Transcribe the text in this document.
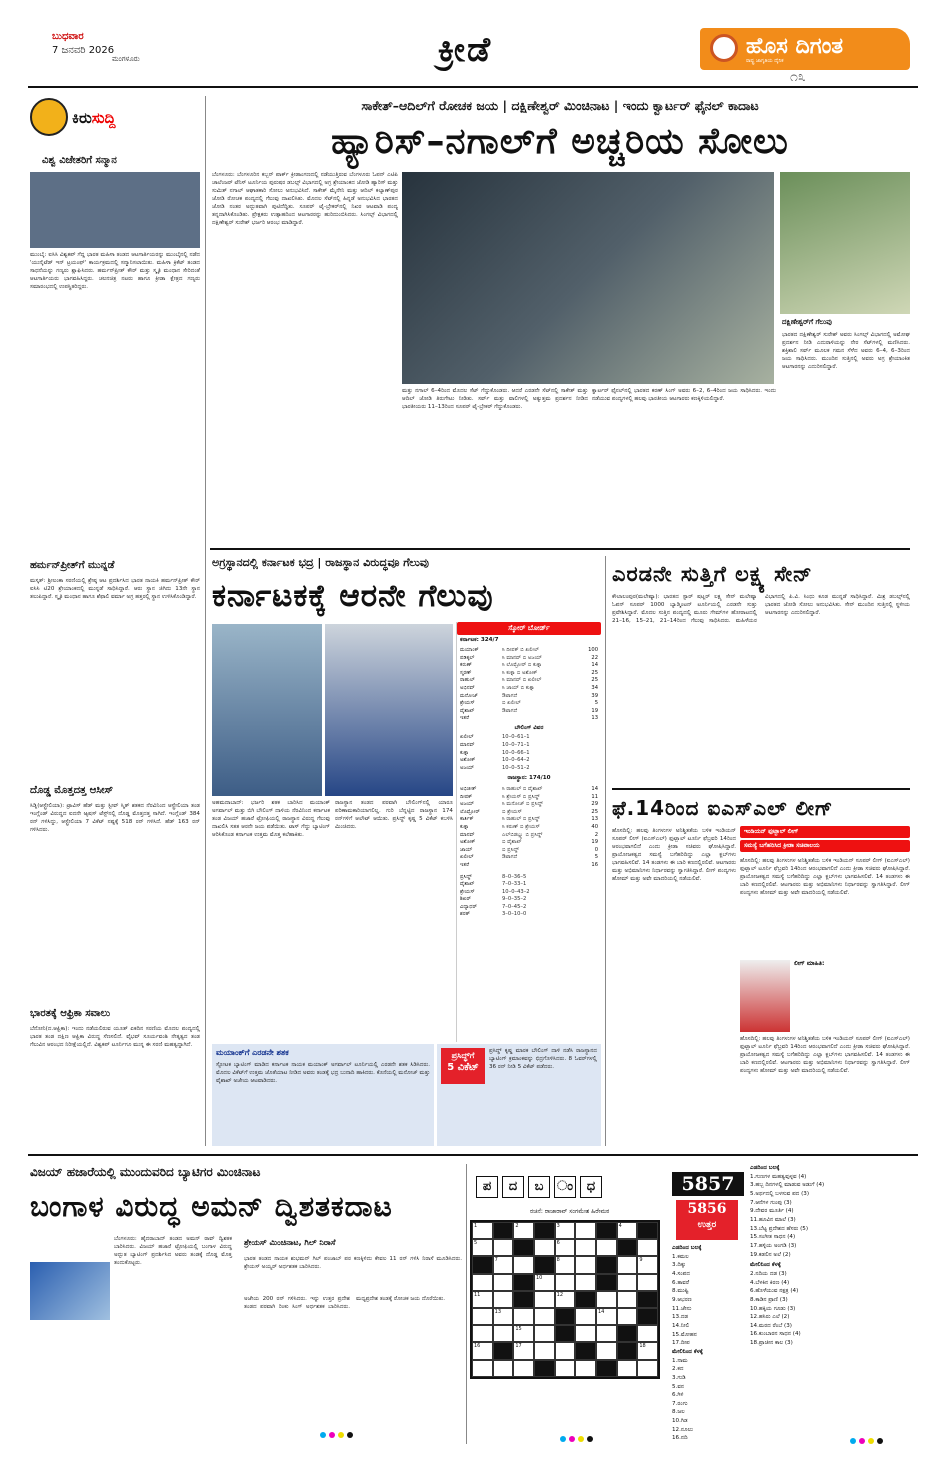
ಬುಧವಾರ
7 ಜನವರಿ 2026
ಮಂಗಳೂರು	ಕ್ರೀಡೆ	ಹೊಸ ದಿಗಂತ
ರಾಷ್ಟ್ರ ಜಾಗೃತಿಯ ದೈನಿಕ
೧೩
ಕಿರುಸುದ್ದಿ
ವಿಶ್ವ ವಿಜೇತರಿಗೆ ಸನ್ಮಾನ
ಮುಂಬೈ: ಐಸಿಸಿ ವಿಶ್ವಕಪ್ ಗೆದ್ದ ಭಾರತ ಮಹಿಳಾ ತಂಡದ ಆಟಗಾರ್ತಿಯರನ್ನು ಮುಂಬೈನಲ್ಲಿ ನಡೆದ 'ಯುನೈಟೆಡ್ ಇನ್ ಟ್ರಯಂಫ್' ಕಾರ್ಯಕ್ರಮದಲ್ಲಿ ಸನ್ಮಾನಿಸಲಾಯಿತು. ಮಹಿಳಾ ಕ್ರಿಕೆಟ್ ತಂಡದ ಸಾಧನೆಯನ್ನು ಗಣ್ಯರು ಶ್ಲಾಘಿಸಿದರು. ಹರ್ಮನ್‌ಪ್ರೀತ್ ಕೌರ್ ಮತ್ತು ಸ್ಮೃತಿ ಮಂಧಾನ ಸೇರಿದಂತೆ ಆಟಗಾರ್ತಿಯರು ಭಾಗವಹಿಸಿದ್ದರು. ಚಲನಚಿತ್ರ ನಟರು ಹಾಗೂ ಕ್ರೀಡಾ ಕ್ಷೇತ್ರದ ಗಣ್ಯರು ಸಮಾರಂಭದಲ್ಲಿ ಉಪಸ್ಥಿತರಿದ್ದರು.
ಹರ್ಮನ್‌ಪ್ರೀತ್‌ಗೆ ಮುನ್ನಡೆ
ಮಸ್ಕತ್: ಶ್ರೀಲಂಕಾ ಸರಣಿಯಲ್ಲಿ ಶ್ರೇಷ್ಠ ಆಟ ಪ್ರದರ್ಶಿಸಿದ ಭಾರತ ನಾಯಕಿ ಹರ್ಮನ್‌ಪ್ರೀತ್ ಕೌರ್ ಐಸಿಸಿ ಟಿ20 ಶ್ರೇಯಾಂಕದಲ್ಲಿ ಮುನ್ನಡೆ ಸಾಧಿಸಿದ್ದಾರೆ. ಆರು ಸ್ಥಾನ ಜಿಗಿದು 13ನೇ ಸ್ಥಾನ ತಲುಪಿದ್ದಾರೆ. ಸ್ಮೃತಿ ಮಂಧಾನ ಹಾಗೂ ಶೆಫಾಲಿ ವರ್ಮಾ ಅಗ್ರ ಹತ್ತರಲ್ಲಿ ಸ್ಥಾನ ಉಳಿಸಿಕೊಂಡಿದ್ದಾರೆ.
ದೊಡ್ಡ ಮೊತ್ತದತ್ತ ಆಸೀಸ್
ಸಿಡ್ನಿ(ಆಸ್ಟ್ರೇಲಿಯಾ): ಟ್ರಾವಿಸ್ ಹೆಡ್ ಮತ್ತು ಸ್ಟೀವ್ ಸ್ಮಿತ್ ಶತಕದ ನೆರವಿನಿಂದ ಆಸ್ಟ್ರೇಲಿಯಾ ತಂಡ ಇಂಗ್ಲೆಂಡ್ ವಿರುದ್ಧದ ಐದನೇ ಆ್ಯಷಸ್ ಟೆಸ್ಟ್‌ನಲ್ಲಿ ದೊಡ್ಡ ಮೊತ್ತದತ್ತ ಸಾಗಿದೆ. ಇಂಗ್ಲೆಂಡ್ 384 ರನ್ ಗಳಿಸಿದ್ದು, ಆಸ್ಟ್ರೇಲಿಯಾ 7 ವಿಕೆಟ್ ನಷ್ಟಕ್ಕೆ 518 ರನ್ ಗಳಿಸಿದೆ. ಹೆಡ್ 163 ರನ್ ಗಳಿಸಿದರು.
ಭಾರತಕ್ಕೆ ಆಫ್ರಿಕಾ ಸವಾಲು
ಬೆನೋನಿ(ದ.ಆಫ್ರಿಕಾ): ಇಂದು ನಡೆಯಲಿರುವ ಯೂತ್ ಏಕದಿನ ಸರಣಿಯ ಮೊದಲ ಪಂದ್ಯದಲ್ಲಿ ಭಾರತ ತಂಡ ದಕ್ಷಿಣ ಆಫ್ರಿಕಾ ವಿರುದ್ಧ ಸೆಣಸಲಿದೆ. ವೈಭವ್ ಸೂರ್ಯವಂಶಿ ನೇತೃತ್ವದ ತಂಡ ಗೆಲುವಿನ ಆರಂಭದ ನಿರೀಕ್ಷೆಯಲ್ಲಿದೆ. ವಿಶ್ವಕಪ್ ಟೂರ್ನಿಗೂ ಮುನ್ನ ಈ ಸರಣಿ ಮಹತ್ವದ್ದಾಗಿದೆ.
ಸಾಕೇತ್–ಆದಿಲ್‌ಗೆ ರೋಚಕ ಜಯ | ದಕ್ಷಿಣೇಶ್ವರ್ ಮಿಂಚಿನಾಟ | ಇಂದು ಕ್ವಾರ್ಟರ್ ಫೈನಲ್ ಕಾದಾಟ
ಹ್ಯಾರಿಸ್–ನಗಾಲ್‌ಗೆ ಅಚ್ಚರಿಯ ಸೋಲು
ಬೆಂಗಳೂರು: ಬೆಂಗಳೂರಿನ ಕಬ್ಬನ್ ಪಾರ್ಕ್ ಕ್ರೀಡಾಂಗಣದಲ್ಲಿ ನಡೆಯುತ್ತಿರುವ ಬೆಂಗಳೂರು ಓಪನ್ ಎಟಿಪಿ ಚಾಲೆಂಜರ್ ಟೆನಿಸ್ ಟೂರ್ನಿಯ ಪುರುಷರ ಡಬಲ್ಸ್ ವಿಭಾಗದಲ್ಲಿ ಅಗ್ರ ಶ್ರೇಯಾಂಕದ ಜೋಡಿ ಹ್ಯಾರಿಸ್ ಮತ್ತು ಸುಮಿತ್ ನಗಾಲ್ ಆಘಾತಕಾರಿ ಸೋಲು ಅನುಭವಿಸಿದೆ. ಸಾಕೇತ್ ಮೈನೇನಿ ಮತ್ತು ಆದಿಲ್ ಕಲ್ಯಾಣ್‌ಪುರ ಜೋಡಿ ರೋಚಕ ಪಂದ್ಯದಲ್ಲಿ ಗೆಲುವು ದಾಖಲಿಸಿತು. ಮೊದಲ ಸೆಟ್‌ನಲ್ಲಿ ಹಿನ್ನಡೆ ಅನುಭವಿಸಿದ ಭಾರತದ ಜೋಡಿ ನಂತರ ಅದ್ಭುತವಾಗಿ ಪುಟಿದೆದ್ದಿತು. ಸೂಪರ್ ಟೈ-ಬ್ರೇಕರ್‌ನಲ್ಲಿ ನಿಖರ ಆಟವಾಡಿ ಪಂದ್ಯ ತನ್ನದಾಗಿಸಿಕೊಂಡಿತು. ಪ್ರೇಕ್ಷಕರು ಉತ್ಸಾಹದಿಂದ ಆಟಗಾರರನ್ನು ಹುರಿದುಂಬಿಸಿದರು. ಸಿಂಗಲ್ಸ್ ವಿಭಾಗದಲ್ಲಿ ದಕ್ಷಿಣೇಶ್ವರ್ ಸುರೇಶ್ ಭರ್ಜರಿ ಆರಂಭ ಮಾಡಿದ್ದಾರೆ.
ದಕ್ಷಿಣೇಶ್ವರ್‌ಗೆ ಗೆಲುವು
ಭಾರತದ ದಕ್ಷಿಣೇಶ್ವರ್ ಸುರೇಶ್ ಅವರು ಸಿಂಗಲ್ಸ್ ವಿಭಾಗದಲ್ಲಿ ಅಮೋಘ ಪ್ರದರ್ಶನ ನೀಡಿ ಎದುರಾಳಿಯನ್ನು ನೇರ ಸೆಟ್‌ಗಳಲ್ಲಿ ಮಣಿಸಿದರು. ಶಕ್ತಿಶಾಲಿ ಸರ್ವ್ ಮೂಲಕ ಗಮನ ಸೆಳೆದ ಅವರು 6–4, 6–3ರಿಂದ ಜಯ ಸಾಧಿಸಿದರು. ಮುಂದಿನ ಸುತ್ತಿನಲ್ಲಿ ಅವರು ಅಗ್ರ ಶ್ರೇಯಾಂಕಿತ ಆಟಗಾರನನ್ನು ಎದುರಿಸಲಿದ್ದಾರೆ.
ಮತ್ತು ನಗಾಲ್ 6–4ರಿಂದ ಮೊದಲ ಸೆಟ್ ಗೆದ್ದುಕೊಂಡರು. ಆದರೆ ಎರಡನೇ ಸೆಟ್‌ನಲ್ಲಿ ಸಾಕೇತ್ ಮತ್ತು ಆದಿಲ್ ಜೋಡಿ ತಿರುಗೇಟು ನೀಡಿತು. ಸರ್ವ್ ಮತ್ತು ವಾಲಿಗಳಲ್ಲಿ ಅತ್ಯುತ್ತಮ ಪ್ರದರ್ಶನ ನೀಡಿದ ಭಾರತೀಯರು 11–13ರಿಂದ ಸೂಪರ್ ಟೈ-ಬ್ರೇಕರ್ ಗೆದ್ದುಕೊಂಡರು.
ಕ್ವಾರ್ಟರ್ ಫೈನಲ್‌ನಲ್ಲಿ ಭಾರತದ ಕರಣ್ ಸಿಂಗ್ ಅವರು 6–2, 6–4ರಿಂದ ಜಯ ಸಾಧಿಸಿದರು. ಇಂದು ನಡೆಯುವ ಪಂದ್ಯಗಳಲ್ಲಿ ಹಲವು ಭಾರತೀಯ ಆಟಗಾರರು ಕಣಕ್ಕಿಳಿಯಲಿದ್ದಾರೆ.
ಅಗ್ರಸ್ಥಾನದಲ್ಲಿ ಕರ್ನಾಟಕ ಭದ್ರ | ರಾಜಸ್ಥಾನ ವಿರುದ್ಧವೂ ಗೆಲುವು
ಕರ್ನಾಟಕಕ್ಕೆ ಆರನೇ ಗೆಲುವು
ಅಹಮದಾಬಾದ್: ಭರ್ಜರಿ ಶತಕ ಬಾರಿಸಿದ ಮಯಾಂಕ್ ಅಗರ್ವಾಲ್ ಮತ್ತು ಬಿಗಿ ಬೌಲಿಂಗ್ ದಾಳಿಯ ನೆರವಿನಿಂದ ಕರ್ನಾಟಕ ತಂಡ ವಿಜಯ್ ಹಜಾರೆ ಟ್ರೋಫಿಯಲ್ಲಿ ರಾಜಸ್ಥಾನ ವಿರುದ್ಧ ಗೆಲುವು ದಾಖಲಿಸಿ ಸತತ ಆರನೇ ಜಯ ಪಡೆಯಿತು. ಟಾಸ್ ಗೆದ್ದು ಬ್ಯಾಟಿಂಗ್ ಆರಿಸಿಕೊಂಡ ಕರ್ನಾಟಕ ಉತ್ತಮ ಮೊತ್ತ ಕಲೆಹಾಕಿತು.
ರಾಜಸ್ಥಾನ ತಂಡದ ಪರವಾಗಿ ಬೌಲಿಂಗ್‌ನಲ್ಲಿ ಯಾರೂ ಪರಿಣಾಮಕಾರಿಯಾಗಲಿಲ್ಲ. ಗುರಿ ಬೆನ್ನಟ್ಟಿದ ರಾಜಸ್ಥಾನ 174 ರನ್‌ಗಳಿಗೆ ಆಲೌಟ್ ಆಯಿತು. ಪ್ರಸಿದ್ಧ್ ಕೃಷ್ಣ 5 ವಿಕೆಟ್ ಕಬಳಿಸಿ ಮಿಂಚಿದರು.
ಸ್ಕೋರ್ ಬೋರ್ಡ್
ಕರ್ನಾಟಕ: 324/7
ಮಯಾಂಕ್	ಸಿ ದೀಪಕ್ ಬಿ ಖಲೀಲ್	100
ಪಡಿಕ್ಕಲ್	ಸಿ ಮಾನವ್ ಬಿ ಅಜಯ್	22
ಕರುಣ್	ಸಿ ಲೊಮ್ರೋರ್ ಬಿ ಕುಕ್ನಾ	14
ಸ್ಮರಣ್	ಸಿ ಕುಕ್ನಾ ಬಿ ಅಶೋಕ್	25
ರಾಹುಲ್	ಸಿ ಮಾನವ್ ಬಿ ಖಲೀಲ್	25
ಅಭಿನವ್	ಸಿ ಜಾಯ್ ಬಿ ಕುಕ್ನಾ	34
ಮನೋಜ್	ಔಟಾಗದೆ	39
ಶ್ರೇಯಸ್	ಬಿ ಖಲೀಲ್	5
ವೈಶಾಖ್	ಔಟಾಗದೆ	19
ಇತರೆ	13
ಬೌಲಿಂಗ್ ವಿವರ
ಖಲೀಲ್	10–0–61–1
ಮಾನವ್	10–0–71–1
ಕುಕ್ನಾ	10–0–66–1
ಅಶೋಕ್	10–0–64–2
ಅಜಯ್	10–0–51–2
ರಾಜಸ್ಥಾನ: 174/10
ಅಭಿಜೀತ್	ಸಿ ರಾಹುಲ್ ಬಿ ವೈಶಾಖ್	14
ದೀಪಕ್	ಸಿ ಶ್ರೇಯಸ್ ಬಿ ಪ್ರಸಿದ್ಧ್	11
ಅಜಯ್	ಸಿ ಮನೋಜ್ ಬಿ ಪ್ರಸಿದ್ಧ್	29
ಲೊಮ್ರೋರ್	ಬಿ ಶ್ರೇಯಸ್	25
ಕಾರ್ತಿಕ್	ಸಿ ರಾಹುಲ್ ಬಿ ಪ್ರಸಿದ್ಧ್	13
ಕುಕ್ನಾ	ಸಿ ಕರುಣ್ ಬಿ ಶ್ರೇಯಸ್	40
ಮಾನವ್	ಎಲ್‌ಬಿಡಬ್ಲ್ಯು ಬಿ ಪ್ರಸಿದ್ಧ್	2
ಅಶೋಕ್	ಬಿ ವೈಶಾಖ್	19
ಜಾಯ್	ಬಿ ಪ್ರಸಿದ್ಧ್	0
ಖಲೀಲ್	ಔಟಾಗದೆ	5
ಇತರೆ	16
ಪ್ರಸಿದ್ಧ್	8–0–36–5
ವೈಶಾಖ್	7–0–33–1
ಶ್ರೇಯಸ್	10–0–43–2
ಶಿಖರ್	9–0–35–2
ವಿದ್ಯಾಧರ್	7–0–45–2
ಶರತ್	3–0–10–0
ಮಯಾಂಕ್‌ಗೆ ಎರಡನೇ ಶತಕ
ಸ್ಫೋಟಕ ಬ್ಯಾಟಿಂಗ್ ಮಾಡಿದ ಕರ್ನಾಟಕ ನಾಯಕ ಮಯಾಂಕ್ ಅಗರ್ವಾಲ್ ಟೂರ್ನಿಯಲ್ಲಿ ಎರಡನೇ ಶತಕ ಸಿಡಿಸಿದರು. ಮೊದಲ ವಿಕೆಟ್‌ಗೆ ಉತ್ತಮ ಜೊತೆಯಾಟ ನೀಡಿದ ಅವರು ತಂಡಕ್ಕೆ ಭದ್ರ ಬುನಾದಿ ಹಾಕಿದರು. ಕೊನೆಯಲ್ಲಿ ಮನೋಜ್ ಮತ್ತು ವೈಶಾಖ್ ಅಜೇಯ ಆಟವಾಡಿದರು.
ಪ್ರಸಿದ್ಧ್‌ಗೆ
5 ವಿಕೆಟ್
ಪ್ರಸಿದ್ಧ್ ಕೃಷ್ಣ ಮಾರಕ ಬೌಲಿಂಗ್ ದಾಳಿ ನಡೆಸಿ ರಾಜಸ್ಥಾನದ ಬ್ಯಾಟಿಂಗ್ ಕ್ರಮಾಂಕವನ್ನು ಛಿದ್ರಗೊಳಿಸಿದರು. 8 ಓವರ್‌ಗಳಲ್ಲಿ 36 ರನ್ ನೀಡಿ 5 ವಿಕೆಟ್ ಪಡೆದರು.
ಎರಡನೇ ಸುತ್ತಿಗೆ ಲಕ್ಷ್ಯ ಸೇನ್
ಕೌಲಾಲಂಪುರ(ಮಲೇಷ್ಯಾ): ಭಾರತದ ಸ್ಟಾರ್ ಷಟ್ಲರ್ ಲಕ್ಷ್ಯ ಸೇನ್ ಮಲೇಷ್ಯಾ ಓಪನ್ ಸೂಪರ್ 1000 ಬ್ಯಾಡ್ಮಿಂಟನ್ ಟೂರ್ನಿಯಲ್ಲಿ ಎರಡನೇ ಸುತ್ತು ಪ್ರವೇಶಿಸಿದ್ದಾರೆ. ಮೊದಲ ಸುತ್ತಿನ ಪಂದ್ಯದಲ್ಲಿ ಮೂರು ಗೇಮ್‌ಗಳ ಹೋರಾಟದಲ್ಲಿ 21–16, 15–21, 21–14ರಿಂದ ಗೆಲುವು ಸಾಧಿಸಿದರು. ಮಹಿಳೆಯರ ವಿಭಾಗದಲ್ಲಿ ಪಿ.ವಿ. ಸಿಂಧು ಕೂಡ ಮುನ್ನಡೆ ಸಾಧಿಸಿದ್ದಾರೆ. ಮಿಶ್ರ ಡಬಲ್ಸ್‌ನಲ್ಲಿ ಭಾರತದ ಜೋಡಿ ಸೋಲು ಅನುಭವಿಸಿತು. ಸೇನ್ ಮುಂದಿನ ಸುತ್ತಿನಲ್ಲಿ ಸ್ಥಳೀಯ ಆಟಗಾರನನ್ನು ಎದುರಿಸಲಿದ್ದಾರೆ.
ಫೆ.14ರಿಂದ ಐಎಸ್‌ಎಲ್ ಲೀಗ್
ಇಂಡಿಯನ್ ಫುಟ್ಬಾಲ್ ಲೀಗ್
ಸಮಸ್ಯೆ ಬಗೆಹರಿಸಿದ ಕ್ರೀಡಾ ಸಚಿವಾಲಯ
ಹೊಸದಿಲ್ಲಿ: ಹಲವು ತಿಂಗಳುಗಳ ಅನಿಶ್ಚಿತತೆಯ ಬಳಿಕ ಇಂಡಿಯನ್ ಸೂಪರ್ ಲೀಗ್ (ಐಎಸ್‌ಎಲ್) ಫುಟ್ಬಾಲ್ ಟೂರ್ನಿ ಫೆಬ್ರವರಿ 14ರಿಂದ ಆರಂಭವಾಗಲಿದೆ ಎಂದು ಕ್ರೀಡಾ ಸಚಿವರು ಘೋಷಿಸಿದ್ದಾರೆ. ಪ್ರಾಯೋಜಕತ್ವದ ಸಮಸ್ಯೆ ಬಗೆಹರಿದಿದ್ದು ಎಲ್ಲಾ ಕ್ಲಬ್‌ಗಳು ಭಾಗವಹಿಸಲಿವೆ. 14 ತಂಡಗಳು ಈ ಬಾರಿ ಕಣದಲ್ಲಿರಲಿವೆ. ಆಟಗಾರರು ಮತ್ತು ಅಭಿಮಾನಿಗಳು ನಿರ್ಧಾರವನ್ನು ಸ್ವಾಗತಿಸಿದ್ದಾರೆ. ಲೀಗ್ ಪಂದ್ಯಗಳು ಹೋಮ್ ಮತ್ತು ಅವೇ ಮಾದರಿಯಲ್ಲಿ ನಡೆಯಲಿವೆ.
ಲೀಗ್ ಮಾಹಿತಿ:
ಹೊಸದಿಲ್ಲಿ: ಹಲವು ತಿಂಗಳುಗಳ ಅನಿಶ್ಚಿತತೆಯ ಬಳಿಕ ಇಂಡಿಯನ್ ಸೂಪರ್ ಲೀಗ್ (ಐಎಸ್‌ಎಲ್) ಫುಟ್ಬಾಲ್ ಟೂರ್ನಿ ಫೆಬ್ರವರಿ 14ರಿಂದ ಆರಂಭವಾಗಲಿದೆ ಎಂದು ಕ್ರೀಡಾ ಸಚಿವರು ಘೋಷಿಸಿದ್ದಾರೆ. ಪ್ರಾಯೋಜಕತ್ವದ ಸಮಸ್ಯೆ ಬಗೆಹರಿದಿದ್ದು ಎಲ್ಲಾ ಕ್ಲಬ್‌ಗಳು ಭಾಗವಹಿಸಲಿವೆ. 14 ತಂಡಗಳು ಈ ಬಾರಿ ಕಣದಲ್ಲಿರಲಿವೆ. ಆಟಗಾರರು ಮತ್ತು ಅಭಿಮಾನಿಗಳು ನಿರ್ಧಾರವನ್ನು ಸ್ವಾಗತಿಸಿದ್ದಾರೆ. ಲೀಗ್ ಪಂದ್ಯಗಳು ಹೋಮ್ ಮತ್ತು ಅವೇ ಮಾದರಿಯಲ್ಲಿ ನಡೆಯಲಿವೆ.
ಹೊಸದಿಲ್ಲಿ: ಹಲವು ತಿಂಗಳುಗಳ ಅನಿಶ್ಚಿತತೆಯ ಬಳಿಕ ಇಂಡಿಯನ್ ಸೂಪರ್ ಲೀಗ್ (ಐಎಸ್‌ಎಲ್) ಫುಟ್ಬಾಲ್ ಟೂರ್ನಿ ಫೆಬ್ರವರಿ 14ರಿಂದ ಆರಂಭವಾಗಲಿದೆ ಎಂದು ಕ್ರೀಡಾ ಸಚಿವರು ಘೋಷಿಸಿದ್ದಾರೆ. ಪ್ರಾಯೋಜಕತ್ವದ ಸಮಸ್ಯೆ ಬಗೆಹರಿದಿದ್ದು ಎಲ್ಲಾ ಕ್ಲಬ್‌ಗಳು ಭಾಗವಹಿಸಲಿವೆ. 14 ತಂಡಗಳು ಈ ಬಾರಿ ಕಣದಲ್ಲಿರಲಿವೆ. ಆಟಗಾರರು ಮತ್ತು ಅಭಿಮಾನಿಗಳು ನಿರ್ಧಾರವನ್ನು ಸ್ವಾಗತಿಸಿದ್ದಾರೆ. ಲೀಗ್ ಪಂದ್ಯಗಳು ಹೋಮ್ ಮತ್ತು ಅವೇ ಮಾದರಿಯಲ್ಲಿ ನಡೆಯಲಿವೆ.
ವಿಜಯ್ ಹಜಾರೆಯಲ್ಲಿ ಮುಂದುವರಿದ ಬ್ಯಾಟಿಗರ ಮಿಂಚಿನಾಟ
ಬಂಗಾಳ ವಿರುದ್ಧ ಅಮನ್ ದ್ವಿಶತಕದಾಟ
ಬೆಂಗಳೂರು: ಹೈದರಾಬಾದ್ ತಂಡದ ಅಮನ್ ರಾವ್ ದ್ವಿಶತಕ ಬಾರಿಸಿದರು. ವಿಜಯ್ ಹಜಾರೆ ಟ್ರೋಫಿಯಲ್ಲಿ ಬಂಗಾಳ ವಿರುದ್ಧ ಅದ್ಭುತ ಬ್ಯಾಟಿಂಗ್ ಪ್ರದರ್ಶಿಸಿದ ಅವರು ತಂಡಕ್ಕೆ ದೊಡ್ಡ ಮೊತ್ತ ತಂದುಕೊಟ್ಟರು.
ಶ್ರೇಯಸ್ ಮಿಂಚಿನಾಟ, ಗಿಲ್ ನಿರಾಸೆ
ಭಾರತ ತಂಡದ ನಾಯಕ ಶುಭಮನ್ ಗಿಲ್ ಪಂಜಾಬ್ ಪರ ಕಣಕ್ಕಿಳಿದು ಕೇವಲ 11 ರನ್ ಗಳಿಸಿ ನಿರಾಸೆ ಮೂಡಿಸಿದರು. ಶ್ರೇಯಸ್ ಅಯ್ಯರ್ ಅರ್ಧಶತಕ ಬಾರಿಸಿದರು.
ಅಜೇಯ 200 ರನ್ ಗಳಿಸಿದರು. ಇನ್ನು ಉತ್ತರ ಪ್ರದೇಶ ತಂಡದ ಪರವಾಗಿ ರಿಂಕು ಸಿಂಗ್ ಅರ್ಧಶತಕ ಬಾರಿಸಿದರು. ಮಧ್ಯಪ್ರದೇಶ ತಂಡಕ್ಕೆ ರೋಚಕ ಜಯ ದೊರೆಯಿತು.
ಪ	ದ	ಬ	ಂ	ಧ
ರಚನೆ: ರಾಜಾರಾವ್ ಸಂಗಮೇಶ ಹಿರೇಮಠ
1	2	3	4
5	6
7	8	9
10
11	12
13	14
15
16	17	18
5857
5856
ಉತ್ತರ
ಎಡದಿಂದ ಬಲಕ್ಕೆ
1.ಕಮಲ
3.ದಿಕ್ಕು
4.ಸಂಪದ
6.ತಾವರೆ
8.ಮುಷ್ಟಿ
9.ಆಭರಣ
11.ಜೇನು
13.ದಡ
14.ನೀಲಿ
15.ಮೋಹನ
17.ದೀಪ
ಮೇಲಿನಿಂದ ಕೆಳಕ್ಕೆ
1.ನಾಮ
2.ಕದ
3.ಗುಡಿ
5.ವನ
6.ಗಿಳಿ
7.ರಂಗು
8.ಜಲ
10.ಗಿಡ
12.ನೂಲು
16.ನದಿ
ಎಡದಿಂದ ಬಲಕ್ಕೆ
1.ಗುಣಗಳ ಮಹತ್ವವುಳ್ಳವ (4)
3.ಹಬ್ಬ ದಿನಗಳಲ್ಲಿ ಮಾಡುವ ಅಡುಗೆ (4)
5.ಅರ್ಥದಲ್ಲಿ ಬಳಸುವ ಪದ (3)
7.ಆನೆಗಳ ಗುಂಪು (3)
9.ದೇವರ ಮೂರ್ತಿ (4)
11.ಹೂವಿನ ಮಾಲೆ (3)
13.ಬೆಟ್ಟ ಪ್ರದೇಶದ ಹೆಸರು (5)
15.ಸಂಗೀತ ಸಾಧನ (4)
17.ಹಳ್ಳಿಯ ಅಂಗಡಿ (3)
19.ಕಡಲಿನ ಅಲೆ (2)
ಮೇಲಿನಿಂದ ಕೆಳಕ್ಕೆ
2.ನದಿಯ ದಡ (3)
4.ಬೆಳಕಿನ ಕಿರಣ (4)
6.ಹೊಳೆಯುವ ನಕ್ಷತ್ರ (4)
8.ಕಾಡಿನ ಪ್ರಾಣಿ (3)
10.ಹಕ್ಕಿಯ ಗೂಡು (3)
12.ಹಸಿರು ಎಲೆ (2)
14.ಮರದ ರೆಂಬೆ (3)
16.ಕುಂಬಾರನ ಸಾಧನ (4)
18.ಪ್ರಾಚೀನ ಕಾಲ (3)
